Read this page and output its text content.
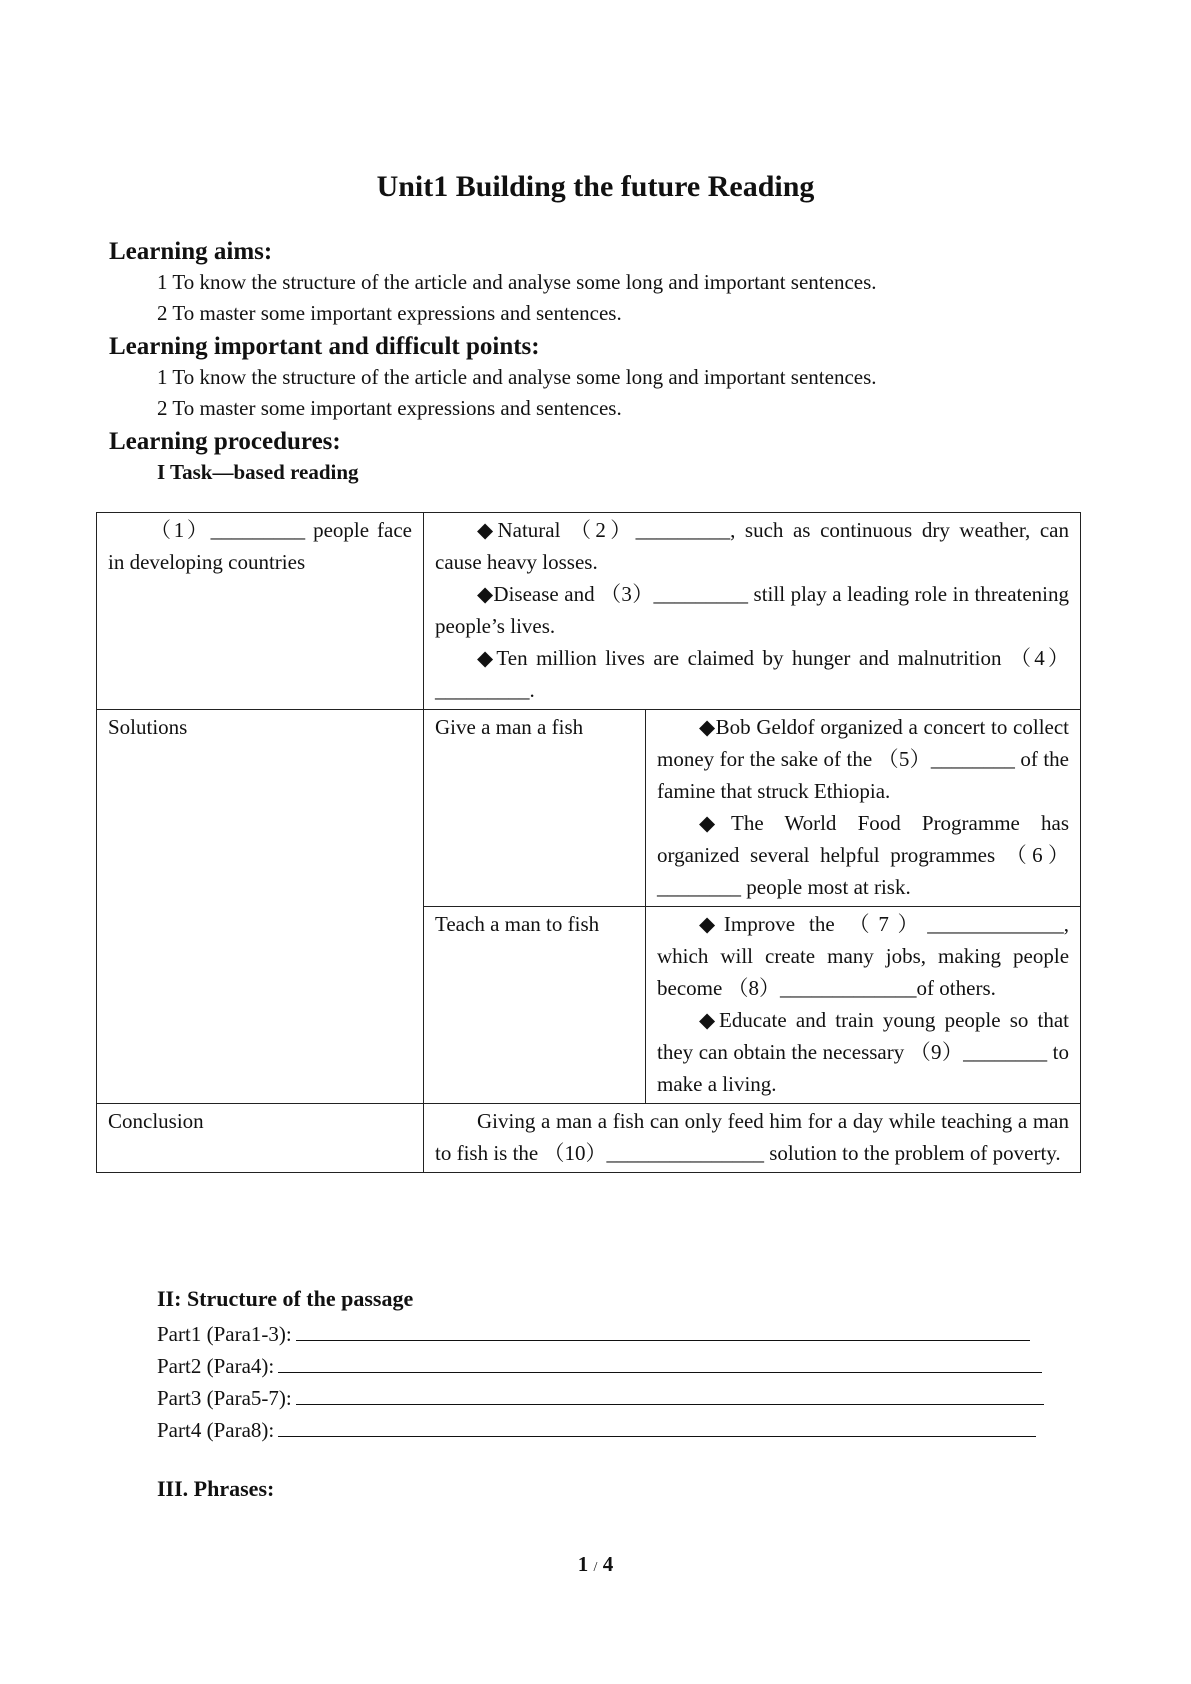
Unit1 Building the future Reading
Learning aims:
1 To know the structure of the article and analyse some long and important sentences.
2 To master some important expressions and sentences.
Learning important and difficult points:
1 To know the structure of the article and analyse some long and important sentences.
2 To master some important expressions and sentences.
Learning procedures:
I Task—based reading
（1）_________ people face in developing countries	◆Natural （2）_________, such as continuous dry weather, can cause heavy losses.
◆Disease and （3）_________ still play a leading role in threatening people’s lives.
◆Ten million lives are claimed by hunger and malnutrition （4）_________.	

Solutions	Give a man a fish	◆Bob Geldof organized a concert to collect money for the sake of the （5）________ of the famine that struck Ethiopia.
◆The World Food Programme has organized several helpful programmes （6）________ people most at risk.

	Teach a man to fish	◆Improve the （7）_____________, which will create many jobs, making people become （8）_____________of others.
◆Educate and train young people so that they can obtain the necessary （9）________ to make a living.

Conclusion	Giving a man a fish can only feed him for a day while teaching a man to fish is the （10）_______________ solution to the problem of poverty.	
II: Structure of the passage
Part1 (Para1-3):
Part2 (Para4):
Part3 (Para5-7):
Part4 (Para8):
III. Phrases:
1 / 4
